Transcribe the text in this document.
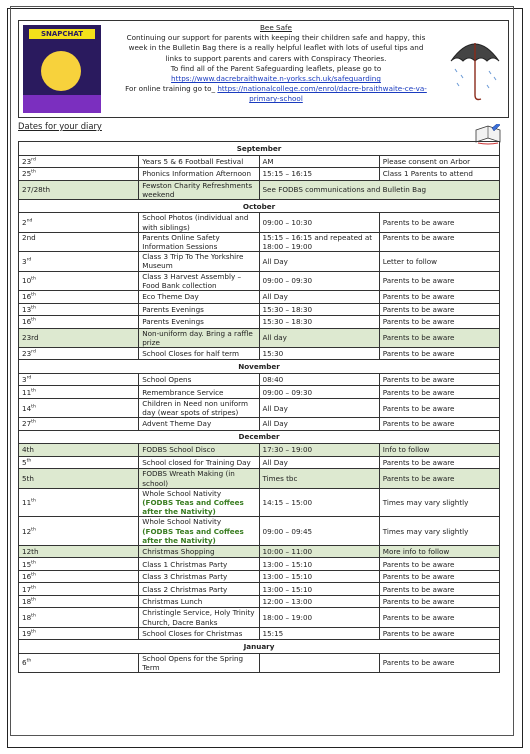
SNAPCHAT
Bee Safe
Continuing our support for parents with keeping their children safe and happy, this
week in the Bulletin Bag there is a really helpful leaflet with lots of useful tips and
links to support parents and carers with Conspiracy Theories.
To find all of the Parent Safeguarding leaflets, please go to
https://www.dacrebraithwaite.n-yorks.sch.uk/safeguarding
For online training go to_ https://nationalcollege.com/enrol/dacre-braithwaite-ce-va-
primary-school
Dates for your diary
September			
23rd	Years 5 & 6 Football Festival	AM	Please consent on Arbor
25th	Phonics Information Afternoon	15:15 – 16:15	Class 1 Parents to attend
27/28th	Fewston Charity Refreshments weekend	See FODBS communications and Bulletin Bag	
October			
2nd	School Photos (individual and with siblings)	09:00 – 10:30	Parents to be aware
2nd	Parents Online Safety Information Sessions	15:15 – 16:15 and repeated at 18:00 – 19:00	Parents to be aware
3rd	Class 3 Trip To The Yorkshire Museum	All Day	Letter to follow
10th	Class 3 Harvest Assembly – Food Bank collection	09:00 – 09:30	Parents to be aware
16th	Eco Theme Day	All Day	Parents to be aware
13th	Parents Evenings	15:30 – 18:30	Parents to be aware
16th	Parents Evenings	15:30 – 18:30	Parents to be aware
23rd	Non-uniform day. Bring a raffle prize	All day	Parents to be aware
23rd	School Closes for half term	15:30	Parents to be aware
November			
3rd	School Opens	08:40	Parents to be aware
11th	Remembrance Service	09:00 – 09:30	Parents to be aware
14th	Children in Need non uniform day (wear spots of stripes)	All Day	Parents to be aware
27th	Advent Theme Day	All Day	Parents to be aware
December			
4th	FODBS School Disco	17:30 – 19:00	Info to follow
5th	School closed for Training Day	All Day	Parents to be aware
5th	FODBS Wreath Making (in school)	Times tbc	Parents to be aware
11th	Whole School Nativity
(FODBS Teas and Coffees after the Nativity)	14:15 – 15:00	Times may vary slightly
12th	Whole School Nativity
(FODBS Teas and Coffees after the Nativity)	09:00 – 09:45	Times may vary slightly
12th	Christmas Shopping	10:00 – 11:00	More info to follow
15th	Class 1 Christmas Party	13:00 – 15:10	Parents to be aware
16th	Class 3 Christmas Party	13:00 – 15:10	Parents to be aware
17th	Class 2 Christmas Party	13:00 – 15:10	Parents to be aware
18th	Christmas Lunch	12:00 – 13:00	Parents to be aware
18th	Christingle Service, Holy Trinity Church, Dacre Banks	18:00 – 19:00	Parents to be aware
19th	School Closes for Christmas	15:15	Parents to be aware
January			
6th	School Opens for the Spring Term		Parents to be aware
